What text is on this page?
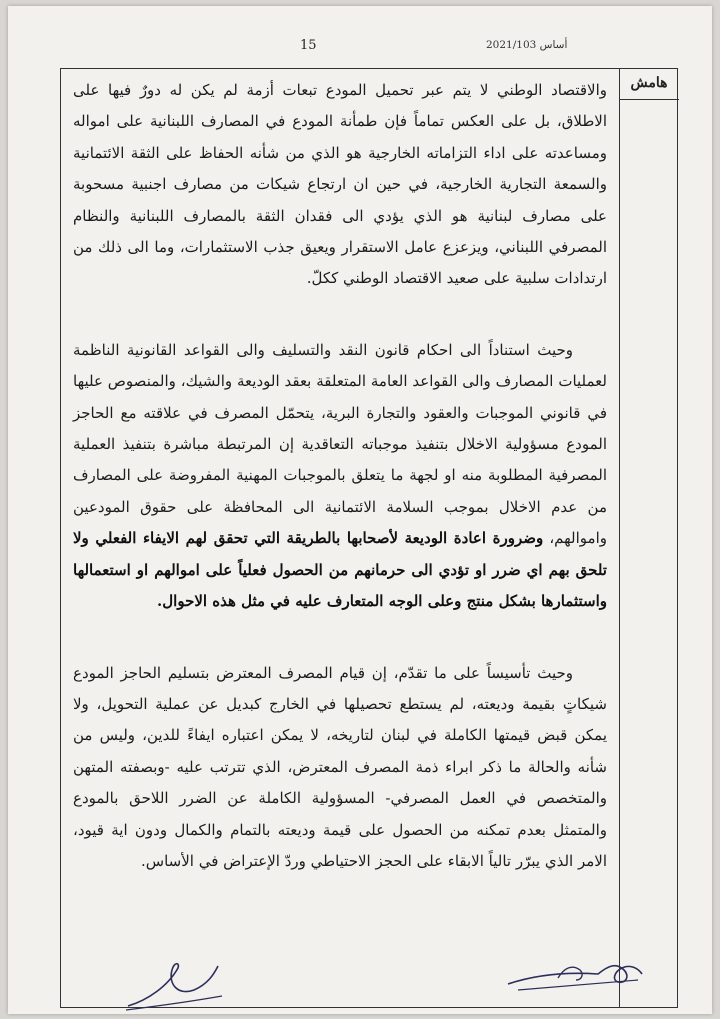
15	أساس 2021/103
هامش

والاقتصاد الوطني لا يتم عبر تحميل المودع تبعات أزمة لم يكن له دورٌ فيها على الاطلاق، بل على العكس تماماً فإن طمأنة المودع في المصارف اللبنانية على امواله ومساعدته على اداء التزاماته الخارجية هو الذي من شأنه الحفاظ على الثقة الائتمانية والسمعة التجارية الخارجية، في حين ان ارتجاع شيكات من مصارف اجنبية مسحوبة على مصارف لبنانية هو الذي يؤدي الى فقدان الثقة بالمصارف اللبنانية والنظام المصرفي اللبناني، ويزعزع عامل الاستقرار ويعيق جذب الاستثمارات، وما الى ذلك من ارتدادات سلبية على صعيد الاقتصاد الوطني ككلّ.

وحيث استناداً الى احكام قانون النقد والتسليف والى القواعد القانونية الناظمة لعمليات المصارف والى القواعد العامة المتعلقة بعقد الوديعة والشيك، والمنصوص عليها في قانوني الموجبات والعقود والتجارة البرية، يتحمّل المصرف في علاقته مع الحاجز المودع مسؤولية الاخلال بتنفيذ موجباته التعاقدية إن المرتبطة مباشرة بتنفيذ العملية المصرفية المطلوبة منه او لجهة ما يتعلق بالموجبات المهنية المفروضة على المصارف من عدم الاخلال بموجب السلامة الائتمانية الى المحافظة على حقوق المودعين واموالهم، وضرورة اعادة الوديعة لأصحابها بالطريقة التي تحقق لهم الايفاء الفعلي ولا تلحق بهم اي ضرر او تؤدي الى حرمانهم من الحصول فعلياً على اموالهم او استعمالها واستثمارها بشكل منتج وعلى الوجه المتعارف عليه في مثل هذه الاحوال.

وحيث تأسيساً على ما تقدّم، إن قيام المصرف المعترض بتسليم الحاجز المودع شيكاتٍ بقيمة وديعته، لم يستطع تحصيلها في الخارج كبديل عن عملية التحويل، ولا يمكن قبض قيمتها الكاملة في لبنان لتاريخه، لا يمكن اعتباره ايفاءً للدين، وليس من شأنه والحالة ما ذكر ابراء ذمة المصرف المعترض، الذي تترتب عليه -وبصفته المتهن والمتخصص في العمل المصرفي- المسؤولية الكاملة عن الضرر اللاحق بالمودع والمتمثل بعدم تمكنه من الحصول على قيمة وديعته بالتمام والكمال ودون اية قيود، الامر الذي يبرّر تالياً الابقاء على الحجز الاحتياطي وردّ الإعتراض في الأساس.
